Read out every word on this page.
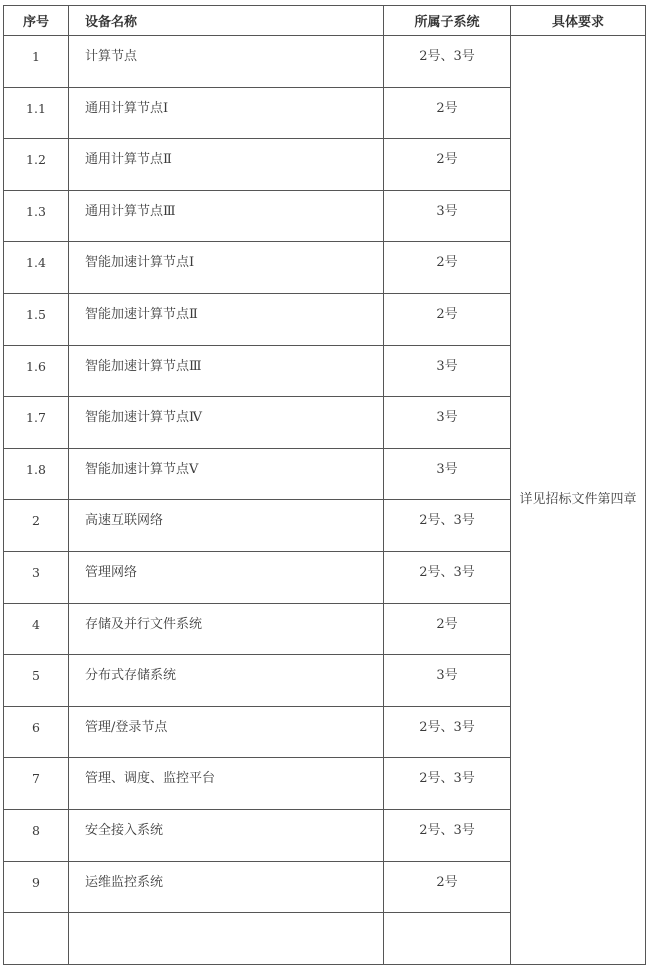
序号	设备名称	所属子系统	具体要求
1	计算节点	2号、3号	详见招标文件第四章
1.1	通用计算节点Ⅰ	2号	
1.2	通用计算节点Ⅱ	2号	
1.3	通用计算节点Ⅲ	3号	
1.4	智能加速计算节点Ⅰ	2号	
1.5	智能加速计算节点Ⅱ	2号	
1.6	智能加速计算节点Ⅲ	3号	
1.7	智能加速计算节点Ⅳ	3号	
1.8	智能加速计算节点Ⅴ	3号	
2	高速互联网络	2号、3号	
3	管理网络	2号、3号	
4	存储及并行文件系统	2号	
5	分布式存储系统	3号	
6	管理/登录节点	2号、3号	
7	管理、调度、监控平台	2号、3号	
8	安全接入系统	2号、3号	
9	运维监控系统	2号	
